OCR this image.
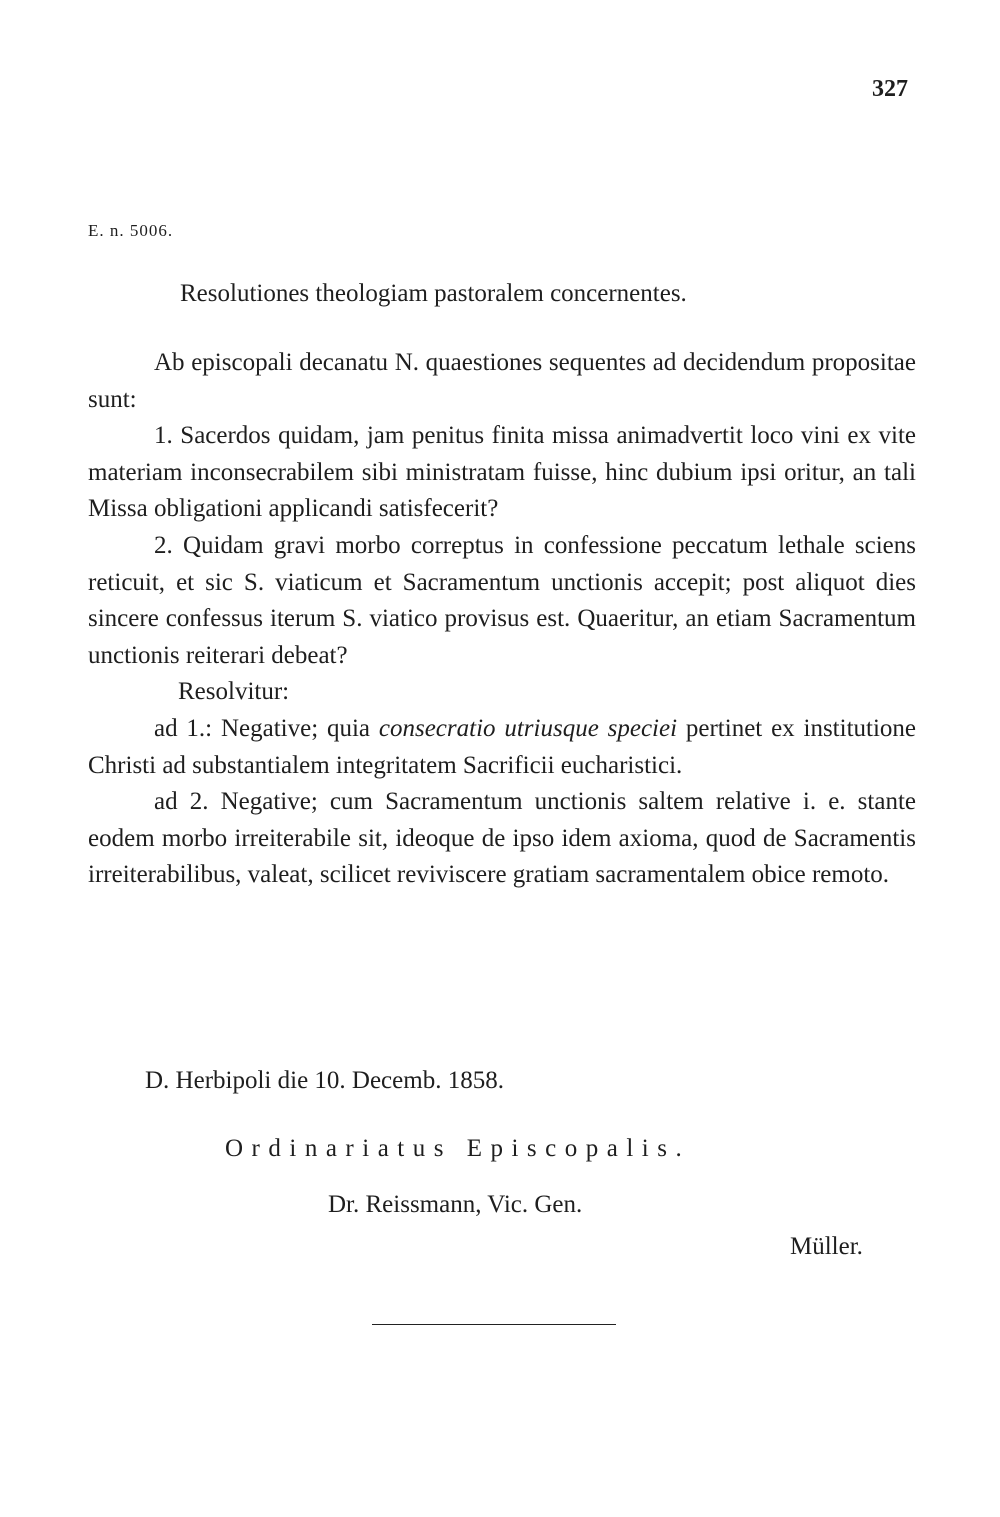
327
E. n. 5006.
Resolutiones theologiam pastoralem concernentes.

Ab episcopali decanatu N. quaestiones sequentes ad decidendum propositae sunt:

1. Sacerdos quidam, jam penitus finita missa animadvertit loco vini ex vite materiam inconsecrabilem sibi ministratam fuisse, hinc dubium ipsi oritur, an tali Missa obligationi applicandi satisfecerit?

2. Quidam gravi morbo correptus in confessione peccatum lethale sciens reticuit, et sic S. viaticum et Sacramentum unctionis accepit; post aliquot dies sincere confessus iterum S. viatico provisus est. Quaeritur, an etiam Sacramentum unctionis reiterari debeat?

Resolvitur:

ad 1.: Negative; quia consecratio utriusque speciei pertinet ex institutione Christi ad substantialem integritatem Sacrificii eucharistici.

ad 2. Negative; cum Sacramentum unctionis saltem relative i. e. stante eodem morbo irreiterabile sit, ideoque de ipso idem axioma, quod de Sacramentis irreiterabilibus, valeat, scilicet reviviscere gratiam sacramentalem obice remoto.

D. Herbipoli die 10. Decemb. 1858.
Ordinariatus Episcopalis.
Dr. Reissmann, Vic. Gen.
Müller.
